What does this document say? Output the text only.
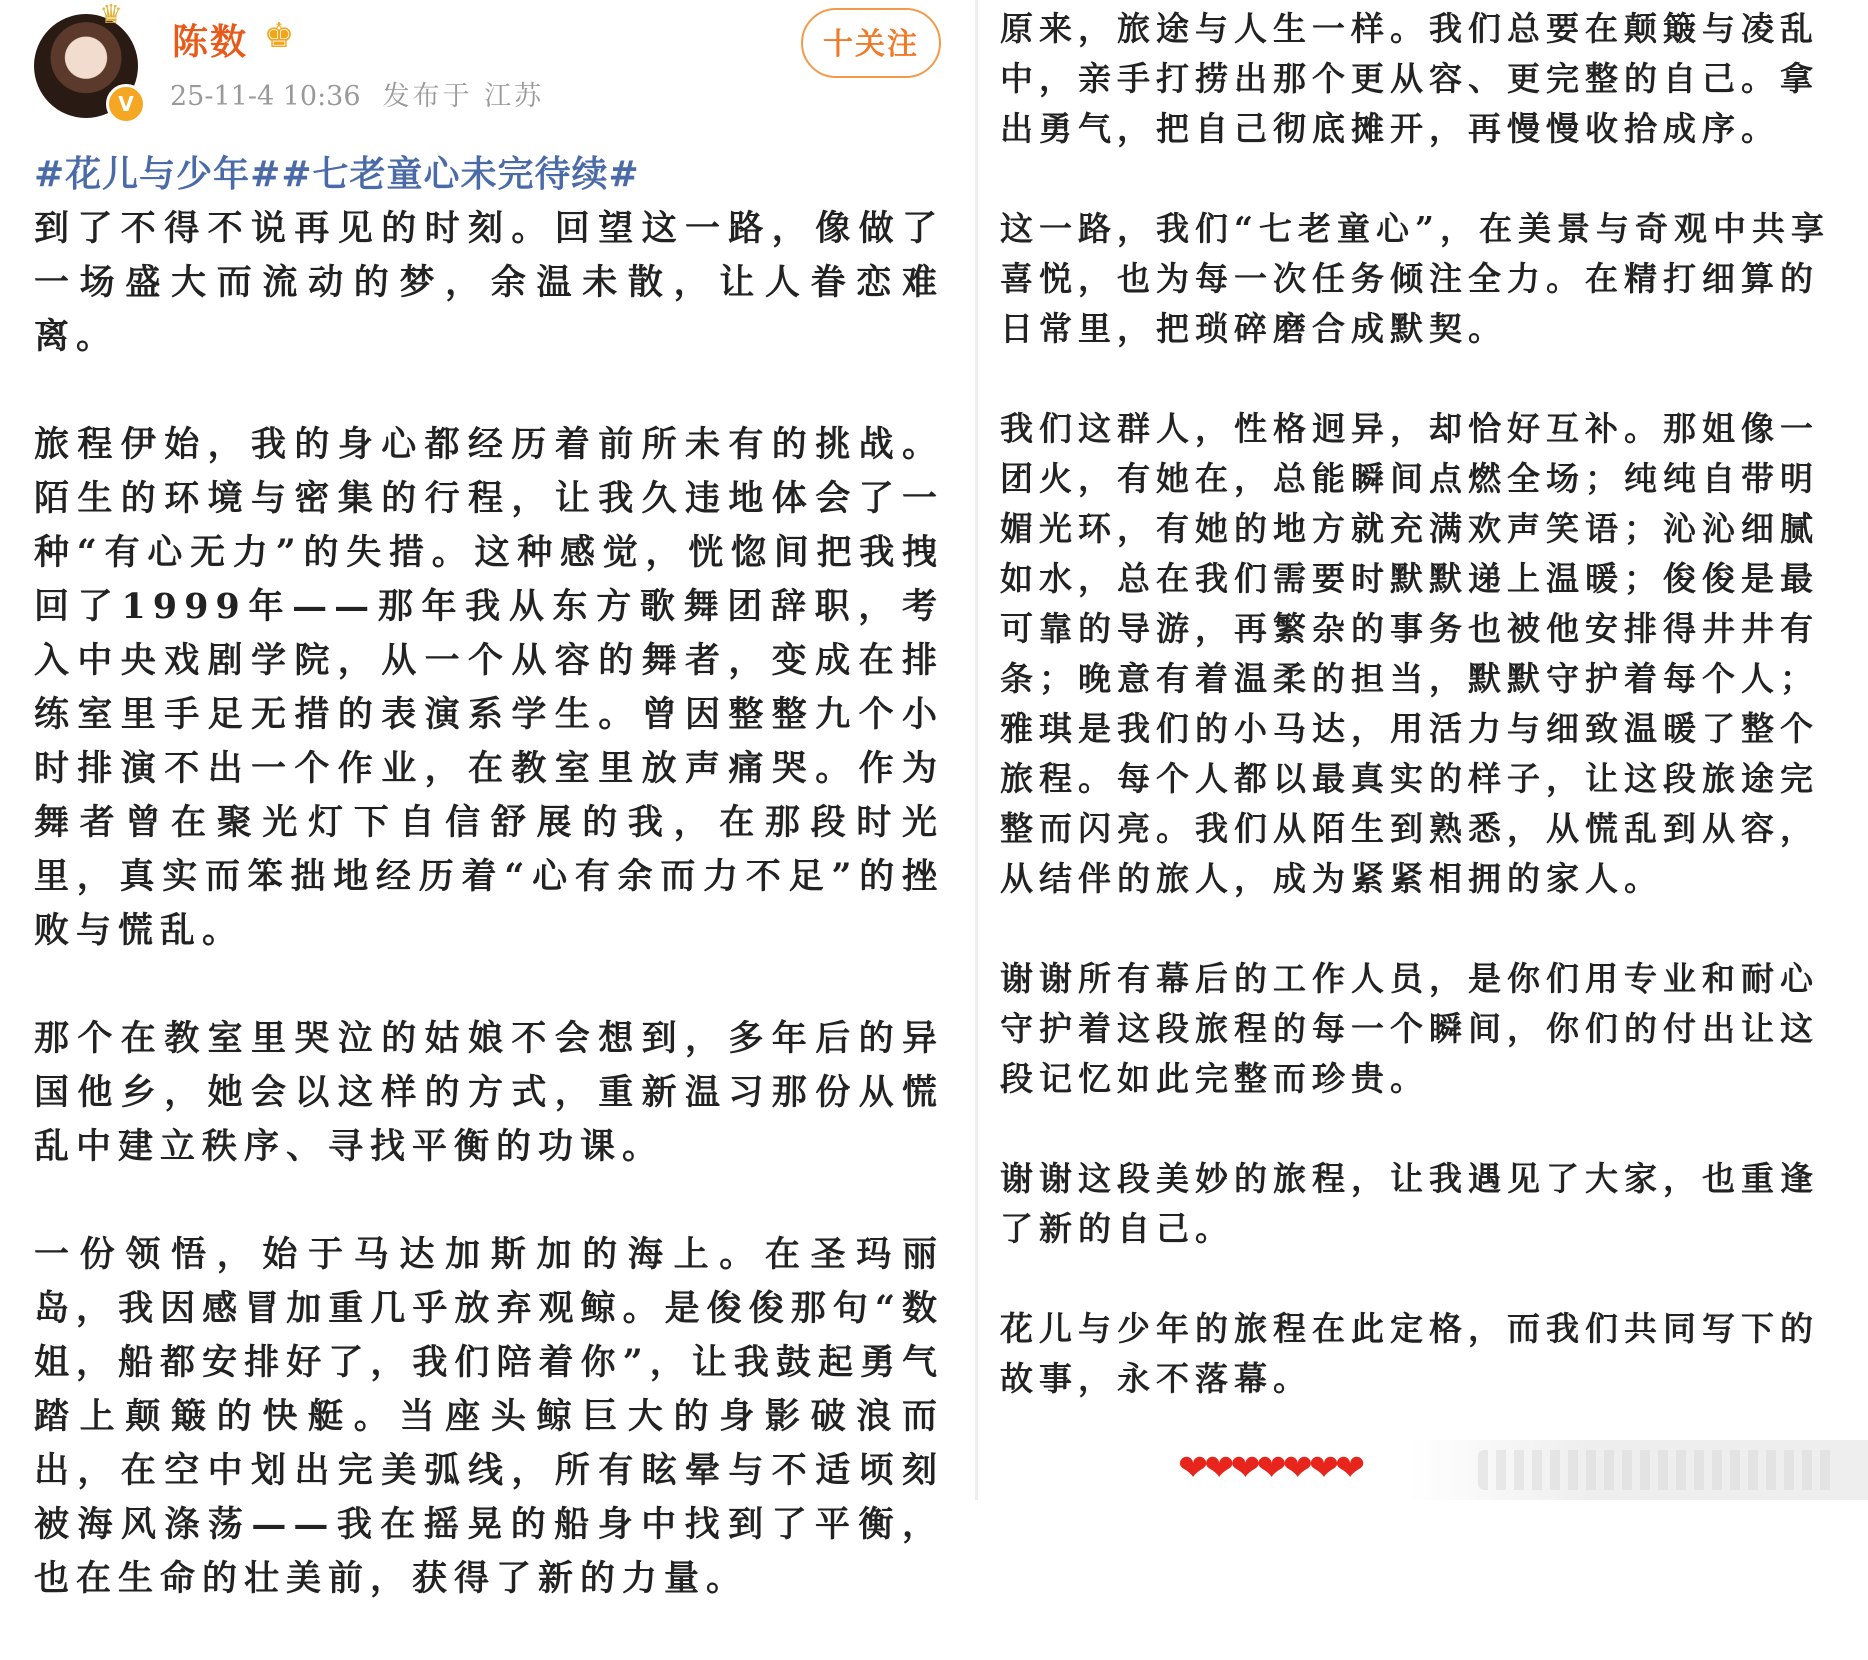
♛
V
陈数 ♚
25-11-4 10:36 发布于 江苏
十关注
#花儿与少年##七老童心未完待续#

到了不得不说再见的时刻。回望这一路，像做了一场盛大而流动的梦，余温未散，让人眷恋难离。

旅程伊始，我的身心都经历着前所未有的挑战。陌生的环境与密集的行程，让我久违地体会了一种“有心无力”的失措。这种感觉，恍惚间把我拽回了1999年——那年我从东方歌舞团辞职，考入中央戏剧学院，从一个从容的舞者，变成在排练室里手足无措的表演系学生。曾因整整九个小时排演不出一个作业，在教室里放声痛哭。作为舞者曾在聚光灯下自信舒展的我，在那段时光里，真实而笨拙地经历着“心有余而力不足”的挫败与慌乱。

那个在教室里哭泣的姑娘不会想到，多年后的异国他乡，她会以这样的方式，重新温习那份从慌乱中建立秩序、寻找平衡的功课。

一份领悟，始于马达加斯加的海上。在圣玛丽岛，我因感冒加重几乎放弃观鲸。是俊俊那句“数姐，船都安排好了，我们陪着你”，让我鼓起勇气踏上颠簸的快艇。当座头鲸巨大的身影破浪而出，在空中划出完美弧线，所有眩晕与不适顷刻被海风涤荡——我在摇晃的船身中找到了平衡，也在生命的壮美前，获得了新的力量。

原来，旅途与人生一样。我们总要在颠簸与凌乱中，亲手打捞出那个更从容、更完整的自己。拿出勇气，把自己彻底摊开，再慢慢收拾成序。

这一路，我们“七老童心”，在美景与奇观中共享喜悦，也为每一次任务倾注全力。在精打细算的日常里，把琐碎磨合成默契。

我们这群人，性格迥异，却恰好互补。那姐像一团火，有她在，总能瞬间点燃全场；纯纯自带明媚光环，有她的地方就充满欢声笑语；沁沁细腻如水，总在我们需要时默默递上温暖；俊俊是最可靠的导游，再繁杂的事务也被他安排得井井有条；晚意有着温柔的担当，默默守护着每个人；雅琪是我们的小马达，用活力与细致温暖了整个旅程。每个人都以最真实的样子，让这段旅途完整而闪亮。我们从陌生到熟悉，从慌乱到从容，从结伴的旅人，成为紧紧相拥的家人。

谢谢所有幕后的工作人员，是你们用专业和耐心守护着这段旅程的每一个瞬间，你们的付出让这段记忆如此完整而珍贵。

谢谢这段美妙的旅程，让我遇见了大家，也重逢了新的自己。

花儿与少年的旅程在此定格，而我们共同写下的故事，永不落幕。

❤❤❤❤❤❤❤
